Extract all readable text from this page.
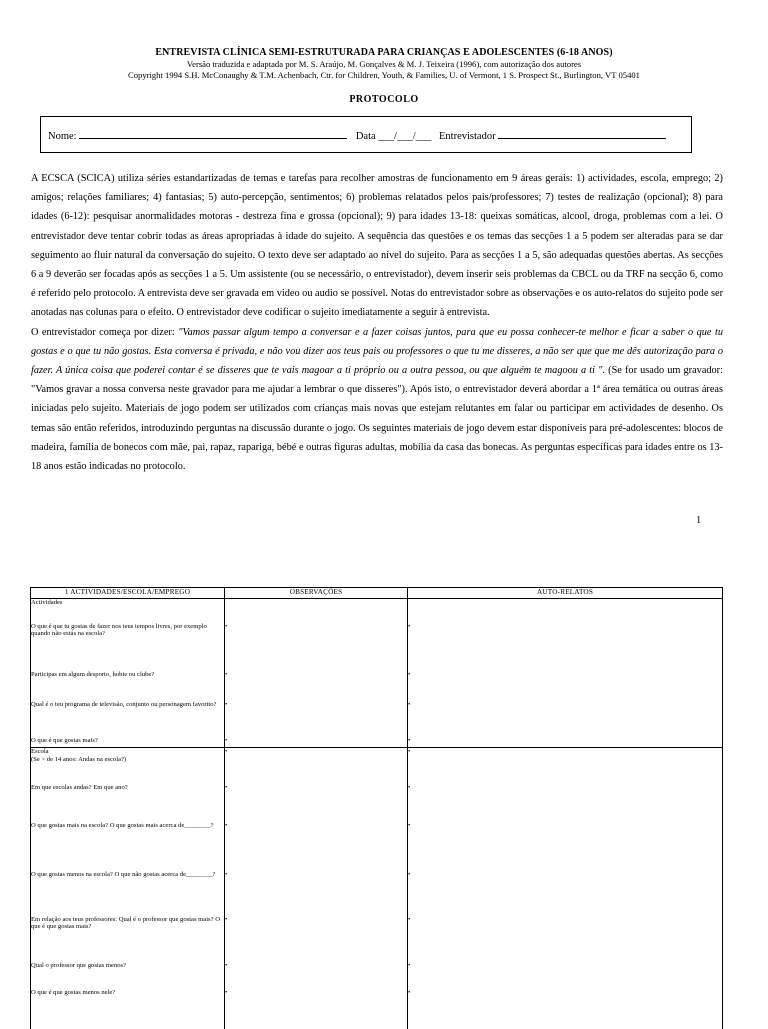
ENTREVISTA CLÍNICA SEMI-ESTRUTURADA PARA CRIANÇAS E ADOLESCENTES (6-18 ANOS)
Versão traduzida e adaptada por M. S. Araújo, M. Gonçalves & M. J. Teixeira (1996), com autorização dos autores
Copyright 1994 S.H. McConaughy & T.M. Achenbach, Ctr. for Children, Youth, & Families, U. of Vermont, 1 S. Prospect St., Burlington, VT 05401
PROTOCOLO
Nome:	Data ___/___/___ Entrevistador

A ECSCA (SCICA) utiliza séries estandartizadas de temas e tarefas para recolher amostras de funcionamento em 9 áreas gerais: 1) actividades, escola, emprego; 2) amigos; relações familiares; 4) fantasias; 5) auto-percepção, sentimentos; 6) problemas relatados pelos pais/professores; 7) testes de realização (opcional); 8) para idades (6-12): pesquisar anormalidades motoras - destreza fina e grossa (opcional); 9) para idades 13-18: queixas somáticas, alcool, droga, problemas com a lei. O entrevistador deve tentar cobrir todas as áreas apropriadas à idade do sujeito. A sequência das questões e os temas das secções 1 a 5 podem ser alteradas para se dar seguimento ao fluir natural da conversação do sujeito. O texto deve ser adaptado ao nível do sujeito. Para as secções 1 a 5, são adequadas questões abertas. As secções 6 a 9 deverão ser focadas após as secções 1 a 5. Um assistente (ou se necessário, o entrevistador), devem inserir seis problemas da CBCL ou da TRF na secção 6, como é referido pelo protocolo. A entrevista deve ser gravada em video ou audio se possível. Notas do entrevistador sobre as observações e os auto-relatos do sujeito pode ser anotadas nas colunas para o efeito. O entrevistador deve codificar o sujeito imediatamente a seguir à entrevista.

O entrevistador começa por dizer: "Vamos passar algum tempo a conversar e a fazer coisas juntos, para que eu possa conhecer-te melhor e ficar a saber o que tu gostas e o que tu não gostas. Esta conversa é privada, e não vou dizer aos teus pais ou professores o que tu me disseres, a não ser que que me dês autorização para o fazer. A única coisa que poderei contar é se disseres que te vais magoar a ti próprio ou a outra pessoa, ou que alguém te magoou a ti ". (Se for usado um gravador: "Vamos gravar a nossa conversa neste gravador para me ajudar a lembrar o que disseres"). Após isto, o entrevistador deverá abordar a 1ª área temática ou outras áreas iniciadas pelo sujeito. Materiais de jogo podem ser utilizados com crianças mais novas que estejam relutantes em falar ou participar em actividades de desenho. Os temas são então referidos, introduzindo perguntas na discussão durante o jogo. Os seguintes materiais de jogo devem estar disponíveis para pré-adolescentes: blocos de madeira, família de bonecos com mãe, pai, rapaz, rapariga, bébé e outras figuras adultas, mobília da casa das bonecas. As perguntas específicas para idades entre os 13-18 anos estão indicadas no protocolo.

1
1 ACTIVIDADES/ESCOLA/EMPREGO	OBSERVAÇÕES	AUTO-RELATOS
Actividades		
O que é que tu gostas de fazer nos teus tempos livres, por exemplo quando não estás na escola?	•	•
Participas em algum desporto, hobie ou clube?	•	•
Qual é o teu programa de televisão, conjunto ou personagem favorito?	•	•
O que é que gostas mais?	•	•
Escola
(Se > de 14 anos: Andas na escola?)	•	•
Em que escolas andas? Em que ano?	•	•
O que gostas mais na escola? O que gostas mais acerca de________?	•	•
O que gostas menos na escola? O que não gostas acerca de________?	•	•
Em relação aos teus professores: Qual é o professor que gostas mais? O que é que gostas mais?	•	•
Qual o professor que gostas menos?	•	•
O que é que gostas menos nele?	•	•
